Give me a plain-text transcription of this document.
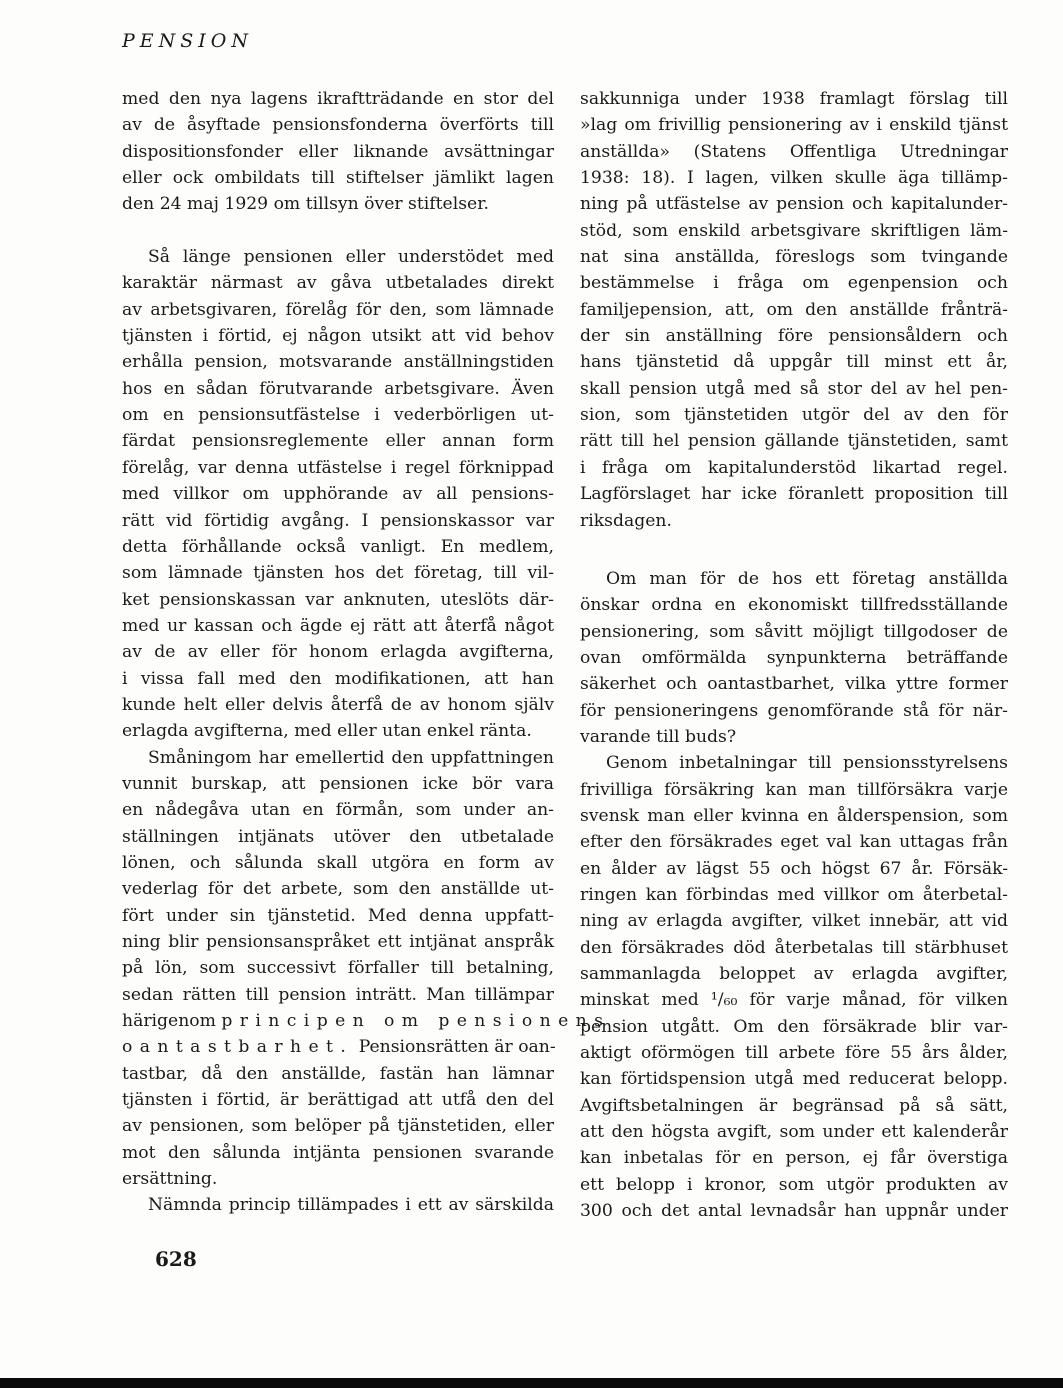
PENSION
med den nya lagens ikraftträdande en stor del
av de åsyftade pensionsfonderna överförts till
dispositionsfonder eller liknande avsättningar
eller ock ombildats till stiftelser jämlikt lagen
den 24 maj 1929 om tillsyn över stiftelser.
Så länge pensionen eller understödet med
karaktär närmast av gåva utbetalades direkt
av arbetsgivaren, förelåg för den, som lämnade
tjänsten i förtid, ej någon utsikt att vid behov
erhålla pension, motsvarande anställningstiden
hos en sådan förutvarande arbetsgivare. Även
om en pensionsutfästelse i vederbörligen ut-
färdat pensionsreglemente eller annan form
förelåg, var denna utfästelse i regel förknippad
med villkor om upphörande av all pensions-
rätt vid förtidig avgång. I pensionskassor var
detta förhållande också vanligt. En medlem,
som lämnade tjänsten hos det företag, till vil-
ket pensionskassan var anknuten, uteslöts där-
med ur kassan och ägde ej rätt att återfå något
av de av eller för honom erlagda avgifterna,
i vissa fall med den modifikationen, att han
kunde helt eller delvis återfå de av honom själv
erlagda avgifterna, med eller utan enkel ränta.
Småningom har emellertid den uppfattningen
vunnit burskap, att pensionen icke bör vara
en nådegåva utan en förmån, som under an-
ställningen intjänats utöver den utbetalade
lönen, och sålunda skall utgöra en form av
vederlag för det arbete, som den anställde ut-
fört under sin tjänstetid. Med denna uppfatt-
ning blir pensionsanspråket ett intjänat anspråk
på lön, som successivt förfaller till betalning,
sedan rätten till pension inträtt. Man tillämpar
härigenom principen om pensionens
oantastbarhet. Pensionsrätten är oan-
tastbar, då den anställde, fastän han lämnar
tjänsten i förtid, är berättigad att utfå den del
av pensionen, som belöper på tjänstetiden, eller
mot den sålunda intjänta pensionen svarande
ersättning.
Nämnda princip tillämpades i ett av särskilda
sakkunniga under 1938 framlagt förslag till
»lag om frivillig pensionering av i enskild tjänst
anställda» (Statens Offentliga Utredningar
1938: 18). I lagen, vilken skulle äga tillämp-
ning på utfästelse av pension och kapitalunder-
stöd, som enskild arbetsgivare skriftligen läm-
nat sina anställda, föreslogs som tvingande
bestämmelse i fråga om egenpension och
familjepension, att, om den anställde frånträ-
der sin anställning före pensionsåldern och
hans tjänstetid då uppgår till minst ett år,
skall pension utgå med så stor del av hel pen-
sion, som tjänstetiden utgör del av den för
rätt till hel pension gällande tjänstetiden, samt
i fråga om kapitalunderstöd likartad regel.
Lagförslaget har icke föranlett proposition till
riksdagen.
Om man för de hos ett företag anställda
önskar ordna en ekonomiskt tillfredsställande
pensionering, som såvitt möjligt tillgodoser de
ovan omförmälda synpunkterna beträffande
säkerhet och oantastbarhet, vilka yttre former
för pensioneringens genomförande stå för när-
varande till buds?
Genom inbetalningar till pensionsstyrelsens
frivilliga försäkring kan man tillförsäkra varje
svensk man eller kvinna en ålderspension, som
efter den försäkrades eget val kan uttagas från
en ålder av lägst 55 och högst 67 år. Försäk-
ringen kan förbindas med villkor om återbetal-
ning av erlagda avgifter, vilket innebär, att vid
den försäkrades död återbetalas till stärbhuset
sammanlagda beloppet av erlagda avgifter,
minskat med ¹/₆₀ för varje månad, för vilken
pension utgått. Om den försäkrade blir var-
aktigt oförmögen till arbete före 55 års ålder,
kan förtidspension utgå med reducerat belopp.
Avgiftsbetalningen är begränsad på så sätt,
att den högsta avgift, som under ett kalenderår
kan inbetalas för en person, ej får överstiga
ett belopp i kronor, som utgör produkten av
300 och det antal levnadsår han uppnår under
628
